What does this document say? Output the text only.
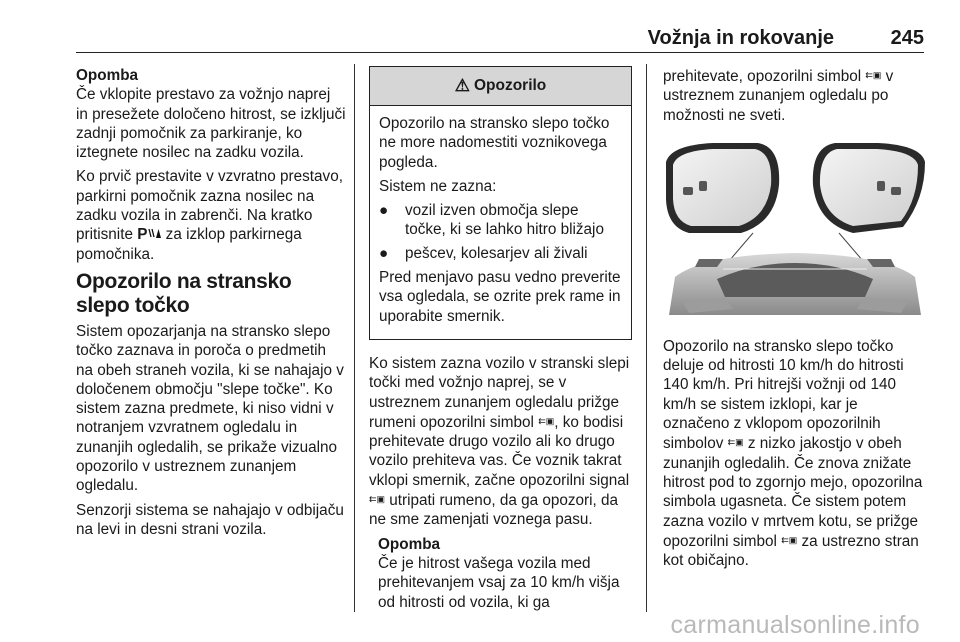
Vožnja in rokovanje	245

Opomba

Če vklopite prestavo za vožnjo naprej in presežete določeno hitrost, se izključi zadnji pomočnik za parkiranje, ko iztegnete nosilec na zadku vozila.

Ko prvič prestavite v vzvratno prestavo, parkirni pomočnik zazna nosilec na zadku vozila in zabrenči. Na kratko pritisnite P za izklop parkirnega pomočnika.

Opozorilo na stransko slepo točko

Sistem opozarjanja na stransko slepo točko zaznava in poroča o predmetih na obeh straneh vozila, ki se nahajajo v določenem območju "slepe točke". Ko sistem zazna predmete, ki niso vidni v notranjem vzvratnem ogledalu in zunanjih ogledalih, se prikaže vizualno opozorilo v ustreznem zunanjem ogledalu.

Senzorji sistema se nahajajo v odbijaču na levi in desni strani vozila.

⚠ Opozorilo

Opozorilo na stransko slepo točko ne more nadomestiti voznikovega pogleda.

Sistem ne zazna:

● vozil izven območja slepe točke, ki se lahko hitro bližajo
● pešcev, kolesarjev ali živali

Pred menjavo pasu vedno preverite vsa ogledala, se ozrite prek rame in uporabite smernik.

Ko sistem zazna vozilo v stranski slepi točki med vožnjo naprej, se v ustreznem zunanjem ogledalu prižge rumeni opozorilni simbol ⇇▣, ko bodisi prehitevate drugo vozilo ali ko drugo vozilo prehiteva vas. Če voznik takrat vklopi smernik, začne opozorilni signal ⇇▣ utripati rumeno, da ga opozori, da ne sme zamenjati voznega pasu.

Opomba

Če je hitrost vašega vozila med prehitevanjem vsaj za 10 km/h višja od hitrosti od vozila, ki ga

prehitevate, opozorilni simbol ⇇▣ v ustreznem zunanjem ogledalu po možnosti ne sveti.

Opozorilo na stransko slepo točko deluje od hitrosti 10 km/h do hitrosti 140 km/h. Pri hitrejši vožnji od 140 km/h se sistem izklopi, kar je označeno z vklopom opozorilnih simbolov ⇇▣ z nizko jakostjo v obeh zunanjih ogledalih. Če znova znižate hitrost pod to zgornjo mejo, opozorilna simbola ugasneta. Če sistem potem zazna vozilo v mrtvem kotu, se prižge opozorilni simbol ⇇▣ za ustrezno stran kot običajno.

carmanualsonline.info
